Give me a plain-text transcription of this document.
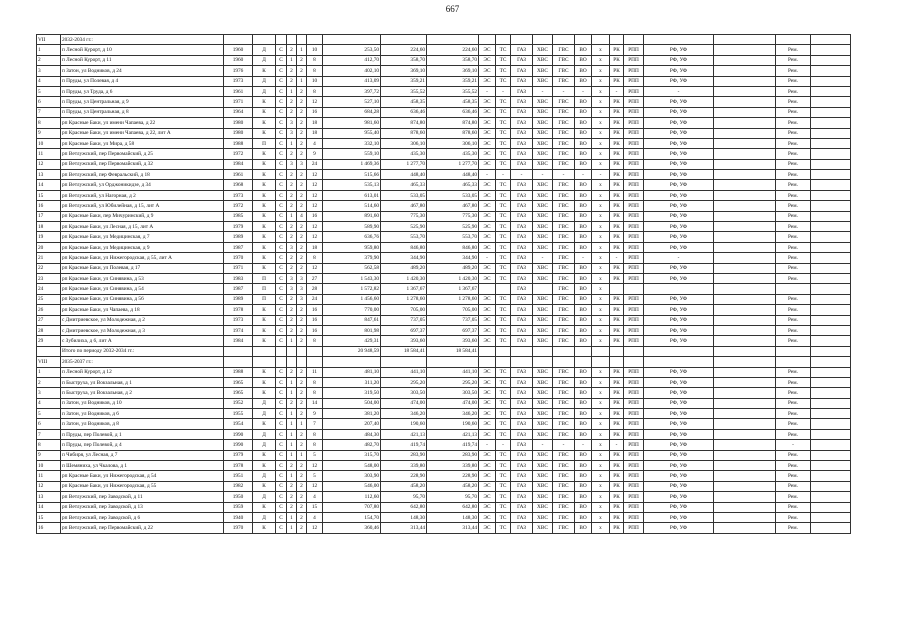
667
VII	2032-2034 гг.:																						
1	п Лесной Курорт, д 10	1960	Д	С	2	1	10	253,50	224,60	224,60	ЭС	ТС	ГАЗ	ХВС	ГВС	ВО	х	РК	РПП	РФ, УФ		Рем.	
2	п Лесной Курорт, д 11	1960	Д	С	1	2	8	412,70	358,70	358,70	ЭС	ТС	ГАЗ	ХВС	ГВС	ВО	х	РК	РПП	РФ, УФ		Рем.	
3	п Затон, ул Водников, д 24	1976	К	С	2	2	8	402,10	369,10	369,10	ЭС	ТС	ГАЗ	ХВС	ГВС	ВО	х	РК	РПП	РФ, УФ		Рем.	
4	п Пруды, ул Полевая, д 4	1973	Д	С	2	1	10	413,09	359,21	359,21	ЭС	ТС	ГАЗ	ХВС	ГВС	ВО	х	РК	РПП	РФ, УФ		Рем.	
5	п Пруды, ул Труда, д 6	1961	Д	С	1	2	8	397,72	355,52	355,52	-	-	ГАЗ	-	-	-	х	-	РПП	-		Рем.	
6	п Пруды, ул Центральная, д 9	1971	К	С	2	2	12	527,10	458,35	458,35	ЭС	ТС	ГАЗ	ХВС	ГВС	ВО	х	РК	РПП	РФ, УФ		Рем.	
7	п Пруды, ул Центральная, д 8	1964	К	С	2	2	16	684,28	636,46	636,46	ЭС	ТС	ГАЗ	ХВС	ГВС	ВО	х	РК	РПП	РФ, УФ		Рем.	
8	рп Красные Баки, ул имени Чапаева, д 22	1980	К	С	3	2	18	981,60	874,80	874,80	ЭС	ТС	ГАЗ	ХВС	ГВС	ВО	х	РК	РПП	РФ, УФ		Рем.	
9	рп Красные Баки, ул имени Чапаева, д 22, лит А	1980	К	С	3	2	18	955,40	878,60	878,60	ЭС	ТС	ГАЗ	ХВС	ГВС	ВО	х	РК	РПП	РФ, УФ		Рем.	
10	рп Красные Баки, ул Мира, д 58	1988	П	С	1	2	4	332,10	306,10	306,10	ЭС	ТС	ГАЗ	ХВС	ГВС	ВО	х	РК	РПП	РФ, УФ		Рем.	
11	рп Ветлужский, пер Первомайский, д 25	1972	К	С	2	2	9	559,10	435,30	435,30	ЭС	ТС	ГАЗ	ХВС	ГВС	ВО	х	РК	РПП	РФ, УФ		Рем.	
12	рп Ветлужский, пер Первомайский, д 32	1984	К	С	3	3	24	1 469,36	1 277,70	1 277,70	ЭС	ТС	ГАЗ	ХВС	ГВС	ВО	х	РК	РПП	РФ, УФ		Рем.	
13	рп Ветлужский, пер Февральский, д 18	1961	К	С	2	2	12	515,66	448,40	448,40	-	-	-	-	-	-	-	РК	РПП	РФ, УФ		Рем.	
14	рп Ветлужский, ул Орджоникидзе, д 34	1968	К	С	2	2	12	535,13	465,33	465,33	ЭС	ТС	ГАЗ	ХВС	ГВС	ВО	х	РК	РПП	РФ, УФ		Рем.	
15	рп Ветлужский, ул Нагорная, д 2	1973	К	С	2	2	12	613,01	533,05	533,05	ЭС	ТС	ГАЗ	ХВС	ГВС	ВО	х	РК	РПП	РФ, УФ		Рем.	
16	рп Ветлужский, ул Юбилейная, д 15, лит А	1972	К	С	2	2	12	514,60	467,80	467,80	ЭС	ТС	ГАЗ	ХВС	ГВС	ВО	х	РК	РПП	РФ, УФ		Рем.	
17	рп Красные Баки, пер Мичуринский, д 9	1985	К	С	1	4	16	891,60	775,30	775,30	ЭС	ТС	ГАЗ	ХВС	ГВС	ВО	х	РК	РПП	РФ, УФ		Рем.	
18	рп Красные Баки, ул Лесная, д 15, лит А	1979	К	С	2	2	12	589,90	525,90	525,90	ЭС	ТС	ГАЗ	ХВС	ГВС	ВО	х	РК	РПП	РФ, УФ		Рем.	
19	рп Красные Баки, ул Медицинская, д 7	1989	К	С	2	2	12	636,76	553,70	553,70	ЭС	ТС	ГАЗ	ХВС	ГВС	ВО	х	РК	РПП	РФ, УФ		Рем.	
20	рп Красные Баки, ул Медицинская, д 9	1987	К	С	3	2	18	959,80	846,80	846,80	ЭС	ТС	ГАЗ	ХВС	ГВС	ВО	х	РК	РПП	РФ, УФ		Рем.	
21	рп Красные Баки, ул Нижегородская, д 55, лит А	1970	К	С	2	2	8	379,90	344,90	344,90	-	ТС	ГАЗ	-	ГВС	-	х	-	РПП	-		Рем.	
22	рп Красные Баки, ул Полевая, д 17	1971	К	С	2	2	12	562,58	489,20	489,20	ЭС	ТС	ГАЗ	ХВС	ГВС	ВО	х	РК	РПП	РФ, УФ		Рем.	
23	рп Красные Баки, ул Синявина, д 53	1983	П	С	3	3	27	1 543,30	1 420,30	1 420,30	ЭС	ТС	ГАЗ	ХВС	ГВС	ВО	х	РК	РПП	РФ, УФ		Рем.	
24	рп Красные Баки, ул Синявина, д 54	1987	П	С	3	3	28	1 572,82	1 367,67	1 367,67			ГАЗ		ГВС	ВО	х						
25	рп Красные Баки, ул Синявина, д 56	1989	П	С	2	3	24	1 456,60	1 278,60	1 278,60	ЭС	ТС	ГАЗ	ХВС	ГВС	ВО	х	РК	РПП	РФ, УФ		Рем.	
26	рп Красные Баки, ул Чапаева, д 18	1978	К	С	2	2	16	770,00	705,00	705,00	ЭС	ТС	ГАЗ	ХВС	ГВС	ВО	х	РК	РПП	РФ, УФ		Рем.	
27	с Дмитриевское, ул Молодежная, д 2	1973	К	С	2	2	16	847,61	737,05	737,05	ЭС	ТС	ГАЗ	ХВС	ГВС	ВО	х	РК	РПП	РФ, УФ		Рем.	
28	с Дмитриевское, ул Молодежная, д 3	1974	К	С	2	2	16	801,98	697,37	697,37	ЭС	ТС	ГАЗ	ХВС	ГВС	ВО	х	РК	РПП	РФ, УФ		Рем.	
29	с Зубилиха, д 6, лит А	1984	К	С	1	2	8	429,31	393,60	393,60	ЭС	ТС	ГАЗ	ХВС	ГВС	ВО	х	РК	РПП	РФ, УФ		Рем.	
	Итого по периоду 2032-2034 гг.:							20 948,59	18 584,41	18 584,41													
VIII	2035-2037 гг.:																						
1	п Лесной Курорт, д 12	1988	К	С	2	2	11	481,10	441,10	441,10	ЭС	ТС	ГАЗ	ХВС	ГВС	ВО	х	РК	РПП	РФ, УФ		Рем.	
2	п Быструха, ул Вокзальная, д 1	1965	К	С	1	2	8	311,20	295,20	295,20	ЭС	ТС	ГАЗ	ХВС	ГВС	ВО	х	РК	РПП	РФ, УФ		Рем.	
3	п Быструха, ул Вокзальная, д 2	1965	К	С	1	2	8	319,50	303,50	303,50	ЭС	ТС	ГАЗ	ХВС	ГВС	ВО	х	РК	РПП	РФ, УФ		Рем.	
4	п Затон, ул Водников, д 10	1952	Д	С	2	2	14	504,00	474,00	474,00	ЭС	ТС	ГАЗ	ХВС	ГВС	ВО	х	РК	РПП	РФ, УФ		Рем.	
5	п Затон, ул Водников, д 6	1955	Д	С	1	2	9	381,20	346,20	346,20	ЭС	ТС	ГАЗ	ХВС	ГВС	ВО	х	РК	РПП	РФ, УФ		Рем.	
6	п Затон, ул Водников, д 8	1954	К	С	1	1	7	207,40	190,60	190,60	ЭС	ТС	ГАЗ	ХВС	ГВС	ВО	х	РК	РПП	РФ, УФ		Рем.	
7	п Пруды, пер Полевой, д 1	1990	Д	С	1	2	8	484,30	421,13	421,13	ЭС	ТС	ГАЗ	ХВС	ГВС	ВО	х	РК	РПП	РФ, УФ		Рем.	
8	п Пруды, пер Полевой, д 4	1990	Д	С	1	2	8	482,70	419,74	419,74	-	-	ГАЗ	-	-	-	х	-	РПП	РФ, УФ		-	
9	п Чибиря, ул Лесная, д 7	1979	К	С	1	1	5	315,70	283,90	283,90	ЭС	ТС	ГАЗ	ХВС	ГВС	ВО	х	РК	РПП	РФ, УФ		Рем.	
10	п Шемяниха, ул Чкалова, д 1	1978	К	С	2	2	12	548,00	339,80	339,80	ЭС	ТС	ГАЗ	ХВС	ГВС	ВО	х	РК	РПП	РФ, УФ		Рем.	
11	рп Красные Баки, ул Нижегородская, д 54	1951	Д	С	1	2	5	303,90	228,90	228,90	ЭС	ТС	ГАЗ	ХВС	ГВС	ВО	х	РК	РПП	РФ, УФ		Рем.	
12	рп Красные Баки, ул Нижегородская, д 55	1982	К	С	2	2	12	546,00	458,20	458,20	ЭС	ТС	ГАЗ	ХВС	ГВС	ВО	х	РК	РПП	РФ, УФ		Рем.	
13	рп Ветлужский, пер Заводской, д 11	1950	Д	С	2	2	4	112,60	95,70	95,70	ЭС	ТС	ГАЗ	ХВС	ГВС	ВО	х	РК	РПП	РФ, УФ		Рем.	
14	рп Ветлужский, пер Заводской, д 13	1959	К	С	2	2	15	707,80	642,80	642,80	ЭС	ТС	ГАЗ	ХВС	ГВС	ВО	х	РК	РПП	РФ, УФ		Рем.	
15	рп Ветлужский, пер Заводской, д 6	1940	Д	С	1	2	4	154,70	148,30	148,30	ЭС	ТС	ГАЗ	ХВС	ГВС	ВО	х	РК	РПП	РФ, УФ		Рем.	
16	рп Ветлужский, пер Первомайский, д 22	1970	К	С	1	2	12	360,46	313,44	313,44	ЭС	ТС	ГАЗ	ХВС	ГВС	ВО	х	РК	РПП	РФ, УФ		Рем.	
